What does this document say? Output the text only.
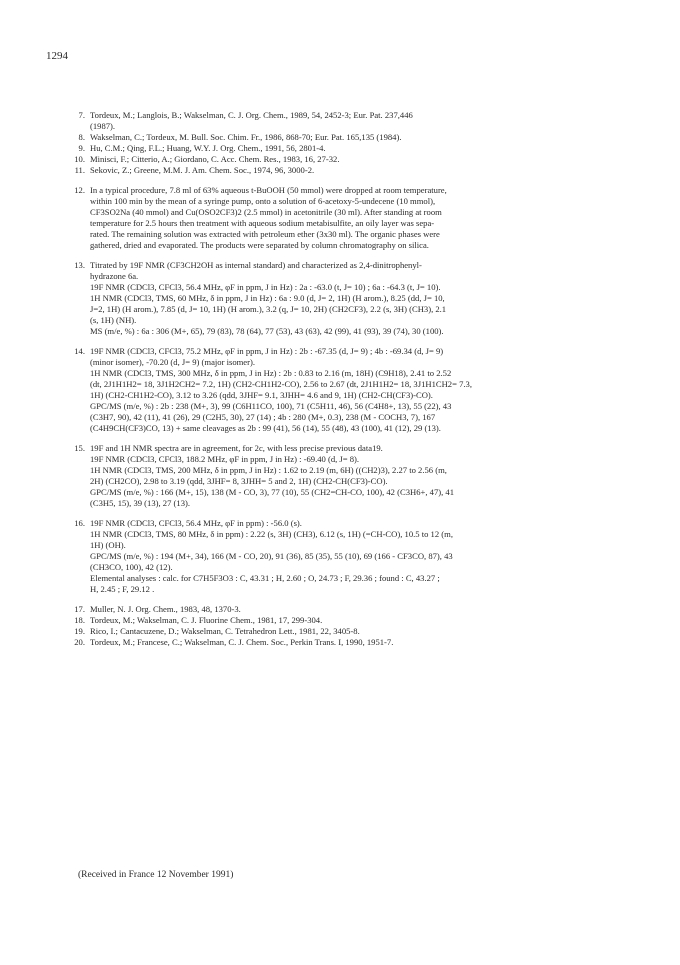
1294
7. Tordeux, M.; Langlois, B.; Wakselman, C. J. Org. Chem., 1989, 54, 2452-3; Eur. Pat. 237,446
(1987).
8. Wakselman, C.; Tordeux, M. Bull. Soc. Chim. Fr., 1986, 868-70; Eur. Pat. 165,135 (1984).
9. Hu, C.M.; Qing, F.L.; Huang, W.Y. J. Org. Chem., 1991, 56, 2801-4.
10. Minisci, F.; Citterio, A.; Giordano, C. Acc. Chem. Res., 1983, 16, 27-32.
11. Sekovic, Z.; Greene, M.M. J. Am. Chem. Soc., 1974, 96, 3000-2.
12. In a typical procedure, 7.8 ml of 63% aqueous t-BuOOH (50 mmol) were dropped at room temperature,
within 100 min by the mean of a syringe pump, onto a solution of 6-acetoxy-5-undecene (10 mmol),
CF3SO2Na (40 mmol) and Cu(OSO2CF3)2 (2.5 mmol) in acetonitrile (30 ml). After standing at room
temperature for 2.5 hours then treatment with aqueous sodium metabisulfite, an oily layer was sepa-
rated. The remaining solution was extracted with petroleum ether (3x30 ml). The organic phases were
gathered, dried and evaporated. The products were separated by column chromatography on silica.
13. Titrated by 19F NMR (CF3CH2OH as internal standard) and characterized as 2,4-dinitrophenyl-
hydrazone 6a.
19F NMR (CDCl3, CFCl3, 56.4 MHz, φF in ppm, J in Hz) : 2a : -63.0 (t, J= 10) ; 6a : -64.3 (t, J= 10).
1H NMR (CDCl3, TMS, 60 MHz, δ in ppm, J in Hz) : 6a : 9.0 (d, J= 2, 1H) (H arom.), 8.25 (dd, J= 10,
J=2, 1H) (H arom.), 7.85 (d, J= 10, 1H) (H arom.), 3.2 (q, J= 10, 2H) (CH2CF3), 2.2 (s, 3H) (CH3), 2.1
(s, 1H) (NH).
MS (m/e, %) : 6a : 306 (M+, 65), 79 (83), 78 (64), 77 (53), 43 (63), 42 (99), 41 (93), 39 (74), 30 (100).
14. 19F NMR (CDCl3, CFCl3, 75.2 MHz, φF in ppm, J in Hz) : 2b : -67.35 (d, J= 9) ; 4b : -69.34 (d, J= 9)
(minor isomer), -70.20 (d, J= 9) (major isomer).
1H NMR (CDCl3, TMS, 300 MHz, δ in ppm, J in Hz) : 2b : 0.83 to 2.16 (m, 18H) (C9H18), 2.41 to 2.52
(dt, 2J1H1H2= 18, 3J1H2CH2= 7.2, 1H) (CH2-CH1H2-CO), 2.56 to 2.67 (dt, 2J1H1H2= 18, 3J1H1CH2= 7.3,
1H) (CH2-CH1H2-CO), 3.12 to 3.26 (qdd, 3JHF= 9.1, 3JHH= 4.6 and 9, 1H) (CH2-CH(CF3)-CO).
GPC/MS (m/e, %) : 2b : 238 (M+, 3), 99 (C6H11CO, 100), 71 (C5H11, 46), 56 (C4H8+, 13), 55 (22), 43
(C3H7, 90), 42 (11), 41 (26), 29 (C2H5, 30), 27 (14) ; 4b : 280 (M+, 0.3), 238 (M - COCH3, 7), 167
(C4H9CH(CF3)CO, 13) + same cleavages as 2b : 99 (41), 56 (14), 55 (48), 43 (100), 41 (12), 29 (13).
15. 19F and 1H NMR spectra are in agreement, for 2c, with less precise previous data19.
19F NMR (CDCl3, CFCl3, 188.2 MHz, φF in ppm, J in Hz) : -69.40 (d, J= 8).
1H NMR (CDCl3, TMS, 200 MHz, δ in ppm, J in Hz) : 1.62 to 2.19 (m, 6H) ((CH2)3), 2.27 to 2.56 (m,
2H) (CH2CO), 2.98 to 3.19 (qdd, 3JHF= 8, 3JHH= 5 and 2, 1H) (CH2-CH(CF3)-CO).
GPC/MS (m/e, %) : 166 (M+, 15), 138 (M - CO, 3), 77 (10), 55 (CH2=CH-CO, 100), 42 (C3H6+, 47), 41
(C3H5, 15), 39 (13), 27 (13).
16. 19F NMR (CDCl3, CFCl3, 56.4 MHz, φF in ppm) : -56.0 (s).
1H NMR (CDCl3, TMS, 80 MHz, δ in ppm) : 2.22 (s, 3H) (CH3), 6.12 (s, 1H) (=CH-CO), 10.5 to 12 (m,
1H) (OH).
GPC/MS (m/e, %) : 194 (M+, 34), 166 (M - CO, 20), 91 (36), 85 (35), 55 (10), 69 (166 - CF3CO, 87), 43
(CH3CO, 100), 42 (12).
Elemental analyses : calc. for C7H5F3O3 : C, 43.31 ; H, 2.60 ; O, 24.73 ; F, 29.36 ; found : C, 43.27 ;
H, 2.45 ; F, 29.12 .
17. Muller, N. J. Org. Chem., 1983, 48, 1370-3.
18. Tordeux, M.; Wakselman, C. J. Fluorine Chem., 1981, 17, 299-304.
19. Rico, I.; Cantacuzene, D.; Wakselman, C. Tetrahedron Lett., 1981, 22, 3405-8.
20. Tordeux, M.; Francese, C.; Wakselman, C. J. Chem. Soc., Perkin Trans. I, 1990, 1951-7.
(Received in France 12 November 1991)
